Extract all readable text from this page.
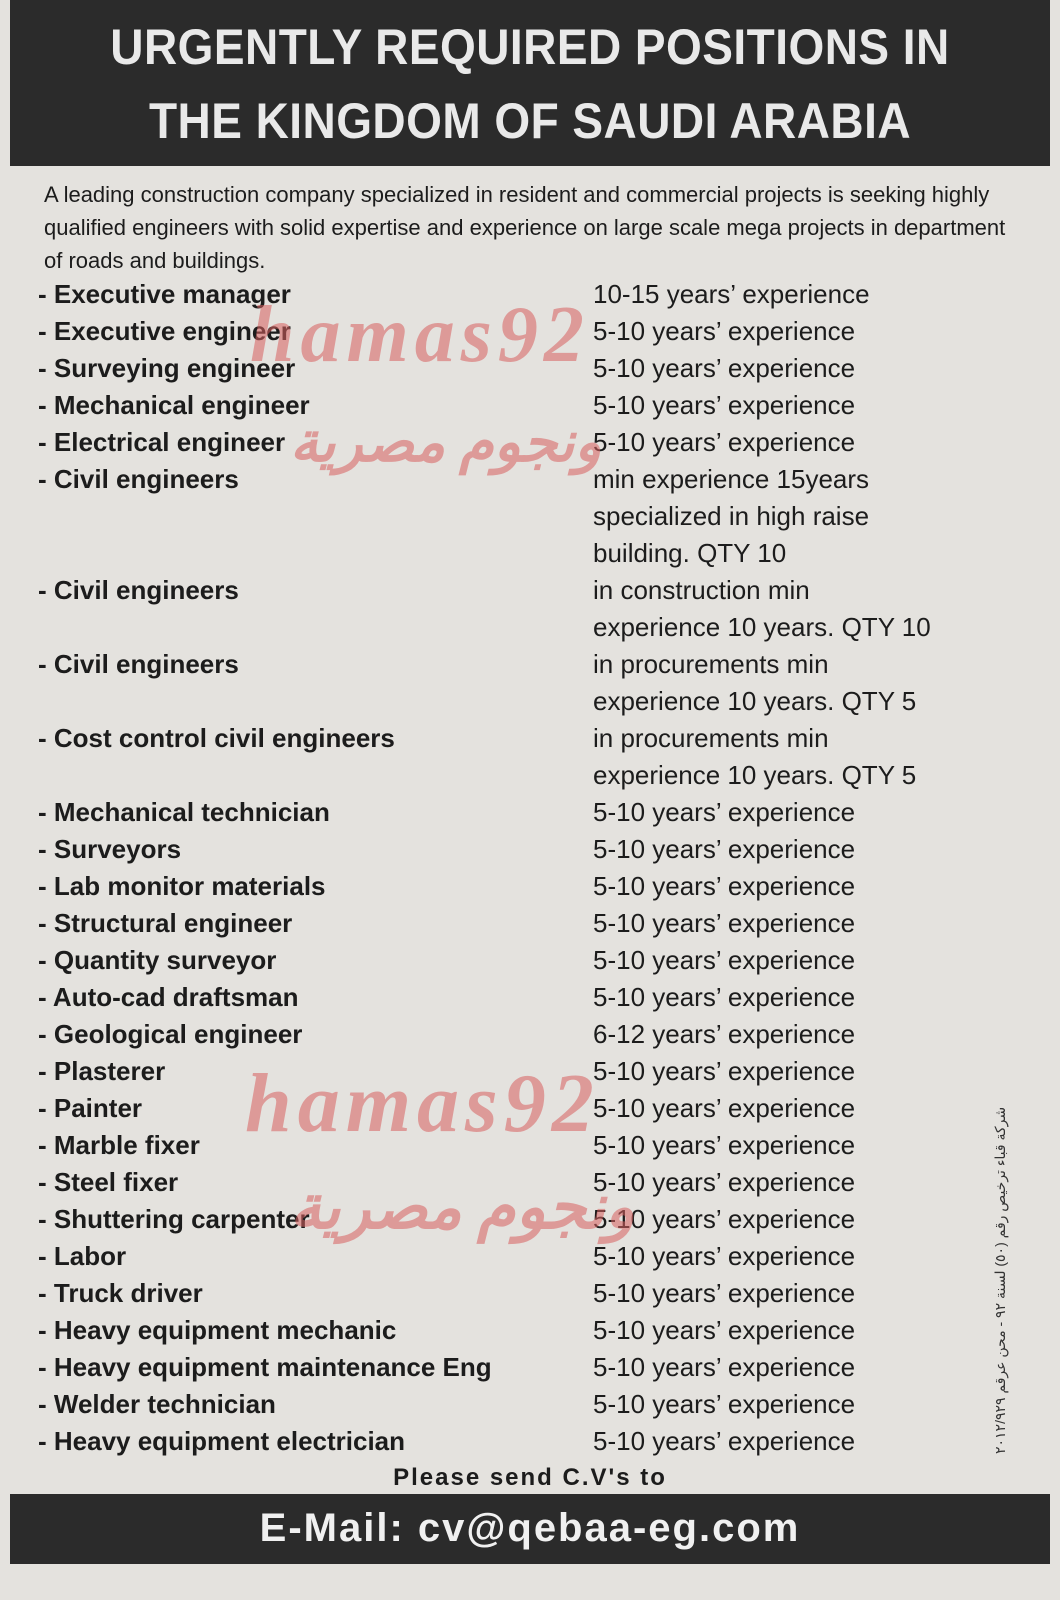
URGENTLY REQUIRED POSITIONS IN
THE KINGDOM OF SAUDI ARABIA
A leading construction company specialized in resident and commercial projects is seeking highly qualified engineers with solid expertise and experience on large scale mega projects in department of roads and buildings.
- Executive manager	10-15 years’ experience
- Executive engineer	5-10 years’ experience
- Surveying engineer	5-10 years’ experience
- Mechanical engineer	5-10 years’ experience
- Electrical engineer	5-10 years’ experience
- Civil engineers	min experience 15years
specialized in high raise
building. QTY 10
- Civil engineers	in construction min
experience 10 years. QTY 10
- Civil engineers	in procurements min
experience 10 years. QTY 5
- Cost control civil engineers	in procurements min
experience 10 years. QTY 5
- Mechanical technician	5-10 years’ experience
- Surveyors	5-10 years’ experience
- Lab monitor materials	5-10 years’ experience
- Structural engineer	5-10 years’ experience
- Quantity surveyor	5-10 years’ experience
- Auto-cad draftsman	5-10 years’ experience
- Geological engineer	6-12 years’ experience
- Plasterer	5-10 years’ experience
- Painter	5-10 years’ experience
- Marble fixer	5-10 years’ experience
- Steel fixer	5-10 years’ experience
- Shuttering carpenter	5-10 years’ experience
- Labor	5-10 years’ experience
- Truck driver	5-10 years’ experience
- Heavy equipment mechanic	5-10 years’ experience
- Heavy equipment maintenance Eng	5-10 years’ experience
- Welder technician	5-10 years’ experience
- Heavy equipment electrician	5-10 years’ experience
hamas92
ونجوم مصرية
hamas92
ونجوم مصرية
شركة قباء ترخيص رقم (٥٠) لسنة ٩٢ - محن عرقم ٢٠١٢/٩٢٩
Please send C.V's to
E-Mail: cv@qebaa-eg.com
